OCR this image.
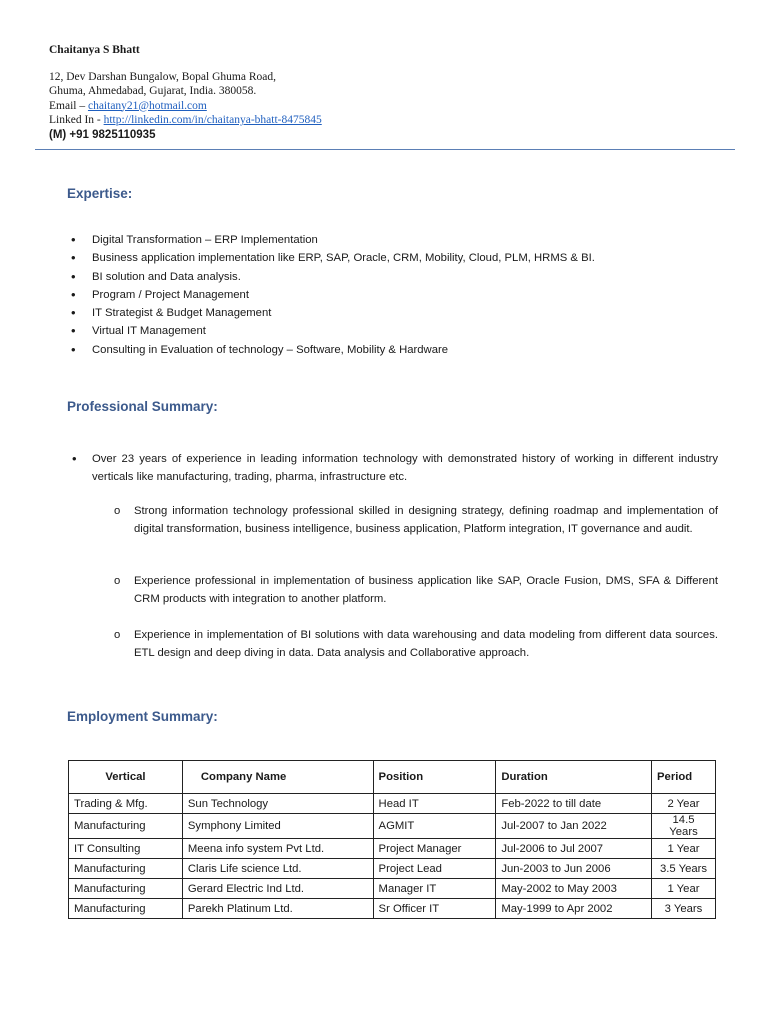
Chaitanya S Bhatt
12, Dev Darshan Bungalow, Bopal Ghuma Road,
Ghuma, Ahmedabad, Gujarat, India. 380058.
Email – chaitany21@hotmail.com
Linked In - http://linkedin.com/in/chaitanya-bhatt-8475845
(M) +91 9825110935
Expertise:
• Digital Transformation – ERP Implementation
• Business application implementation like ERP, SAP, Oracle, CRM, Mobility, Cloud, PLM, HRMS & BI.
• BI solution and Data analysis.
• Program / Project Management
• IT Strategist & Budget Management
• Virtual IT Management
• Consulting in Evaluation of technology – Software, Mobility & Hardware
Professional Summary:
• Over 23 years of experience in leading information technology with demonstrated history of working in different industry verticals like manufacturing, trading, pharma, infrastructure etc.
o Strong information technology professional skilled in designing strategy, defining roadmap and implementation of digital transformation, business intelligence, business application, Platform integration, IT governance and audit.
o Experience professional in implementation of business application like SAP, Oracle Fusion, DMS, SFA & Different CRM products with integration to another platform.
o Experience in implementation of BI solutions with data warehousing and data modeling from different data sources. ETL design and deep diving in data. Data analysis and Collaborative approach.
Employment Summary:
Vertical	Company Name	Position	Duration	Period
Trading & Mfg.	Sun Technology	Head IT	Feb-2022 to till date	2 Year
Manufacturing	Symphony Limited	AGMIT	Jul-2007 to Jan 2022	14.5 Years
IT Consulting	Meena info system Pvt Ltd.	Project Manager	Jul-2006 to Jul 2007	1 Year
Manufacturing	Claris Life science Ltd.	Project Lead	Jun-2003 to Jun 2006	3.5 Years
Manufacturing	Gerard Electric Ind Ltd.	Manager IT	May-2002 to May 2003	1 Year
Manufacturing	Parekh Platinum Ltd.	Sr Officer IT	May-1999 to Apr 2002	3 Years
